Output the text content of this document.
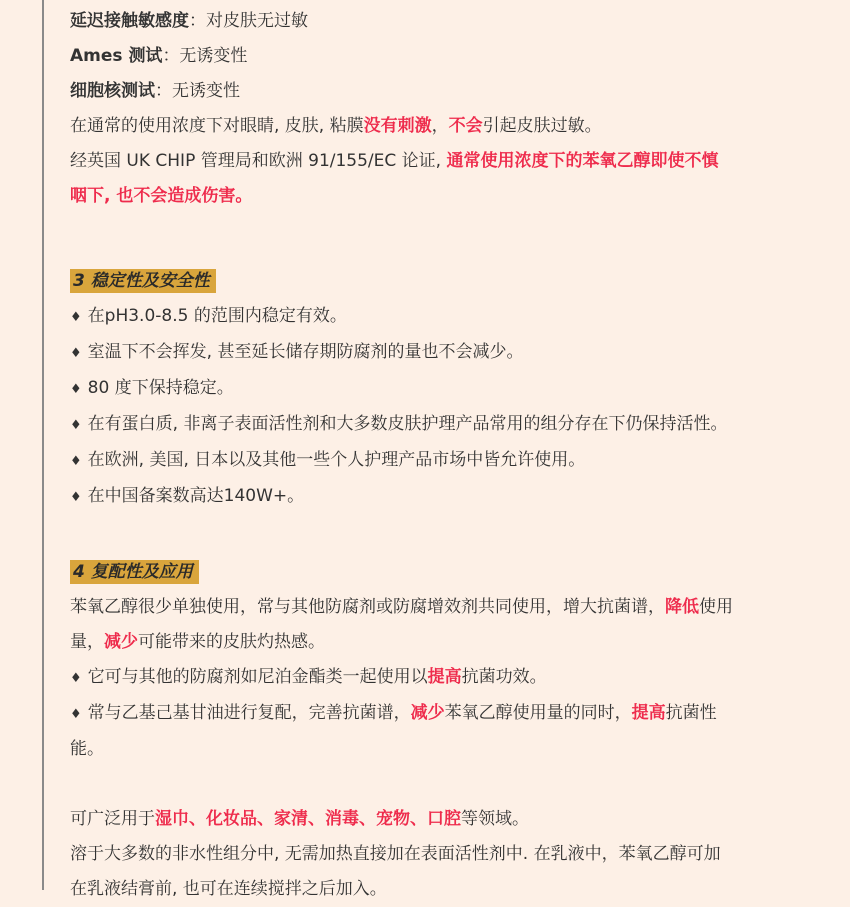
延迟接触敏感度：对皮肤无过敏
Ames 测试：无诱变性
细胞核测试：无诱变性
在通常的使用浓度下对眼睛, 皮肤, 粘膜没有刺激，不会引起皮肤过敏。
经英国 UK CHIP 管理局和欧洲 91/155/EC 论证, 通常使用浓度下的苯氧乙醇即使不慎
咽下, 也不会造成伤害。
3 稳定性及安全性
♦ 在pH3.0-8.5 的范围内稳定有效。
♦ 室温下不会挥发, 甚至延长储存期防腐剂的量也不会减少。
♦ 80 度下保持稳定。
♦ 在有蛋白质, 非离子表面活性剂和大多数皮肤护理产品常用的组分存在下仍保持活性。
♦ 在欧洲, 美国, 日本以及其他一些个人护理产品市场中皆允许使用。
♦ 在中国备案数高达140W+。
4 复配性及应用
苯氧乙醇很少单独使用，常与其他防腐剂或防腐增效剂共同使用，增大抗菌谱，降低使用
量，减少可能带来的皮肤灼热感。
♦ 它可与其他的防腐剂如尼泊金酯类一起使用以提高抗菌功效。
♦ 常与乙基己基甘油进行复配，完善抗菌谱，减少苯氧乙醇使用量的同时，提高抗菌性
能。
可广泛用于湿巾、化妆品、家清、消毒、宠物、口腔等领域。
溶于大多数的非水性组分中, 无需加热直接加在表面活性剂中. 在乳液中，苯氧乙醇可加
在乳液结膏前, 也可在连续搅拌之后加入。
